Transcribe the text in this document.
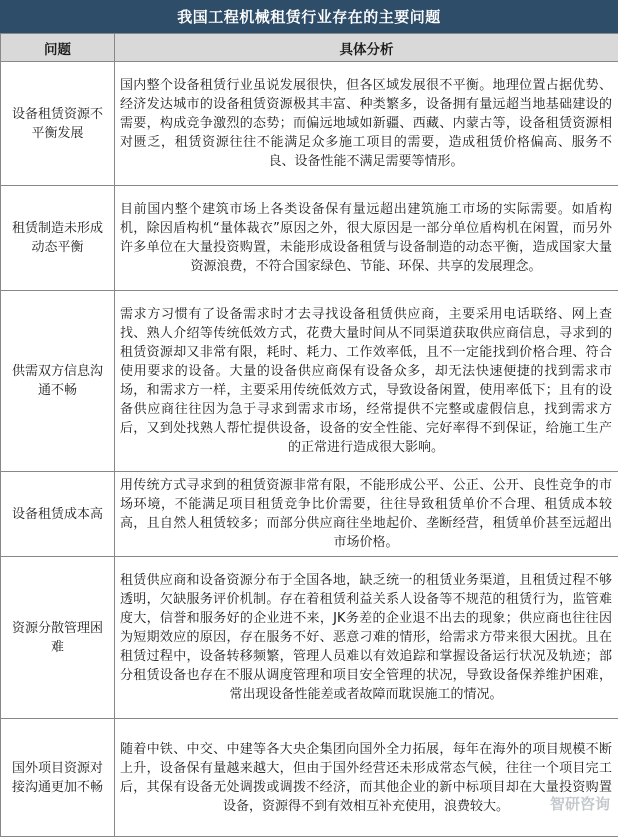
我国工程机械租赁行业存在的主要问题
问题	具体分析
设备租赁资源不平衡发展	国内整个设备租赁行业虽说发展很快，但各区域发展很不平衡。地理位置占据优势、经济发达城市的设备租赁资源极其丰富、种类繁多，设备拥有量远超当地基础建设的需要，构成竞争激烈的态势；而偏远地域如新疆、西藏、内蒙古等，设备租赁资源相对匮乏，租赁资源往往不能满足众多施工项目的需要，造成租赁价格偏高、服务不良、设备性能不满足需要等情形。
租赁制造未形成动态平衡	目前国内整个建筑市场上各类设备保有量远超出建筑施工市场的实际需要。如盾构机，除因盾构机“量体裁衣”原因之外，很大原因是一部分单位盾构机在闲置，而另外许多单位在大量投资购置，未能形成设备租赁与设备制造的动态平衡，造成国家大量资源浪费，不符合国家绿色、节能、环保、共享的发展理念。
供需双方信息沟通不畅	需求方习惯有了设备需求时才去寻找设备租赁供应商，主要采用电话联络、网上查找、熟人介绍等传统低效方式，花费大量时间从不同渠道获取供应商信息，寻求到的租赁资源却又非常有限，耗时、耗力、工作效率低，且不一定能找到价格合理、符合使用要求的设备。大量的设备供应商保有设备众多，却无法快速便捷的找到需求市场，和需求方一样，主要采用传统低效方式，导致设备闲置，使用率低下；且有的设备供应商往往因为急于寻求到需求市场，经常提供不完整或虚假信息，找到需求方后，又到处找熟人帮忙提供设备，设备的安全性能、完好率得不到保证，给施工生产的正常进行造成很大影响。
设备租赁成本高	用传统方式寻求到的租赁资源非常有限，不能形成公平、公正、公开、良性竞争的市场环境，不能满足项目租赁竞争比价需要，往往导致租赁单价不合理、租赁成本较高，且自然人租赁较多；而部分供应商往坐地起价、垄断经营，租赁单价甚至远超出市场价格。
资源分散管理困难	租赁供应商和设备资源分布于全国各地，缺乏统一的租赁业务渠道，且租赁过程不够透明，欠缺服务评价机制。存在着租赁利益关系人设备等不规范的租赁行为，监管难度大，信誉和服务好的企业进不来，JK务差的企业退不出去的现象；供应商也往往因为短期效应的原因，存在服务不好、恶意刁难的情形，给需求方带来很大困扰。且在租赁过程中，设备转移频繁，管理人员难以有效追踪和掌握设备运行状况及轨迹；部分租赁设备也存在不服从调度管理和项目安全管理的状况，导致设备保养维护困难，常出现设备性能差或者故障而耽误施工的情况。
国外项目资源对接沟通更加不畅	随着中铁、中交、中建等各大央企集团向国外全力拓展，每年在海外的项目规模不断上升，设备保有量越来越大，但由于国外经营还未形成常态气候，往往一个项目完工后，其保有设备无处调拨或调拨不经济，而其他企业的新中标项目却在大量投资购置设备，资源得不到有效相互补充使用，浪费较大。	智研咨询
